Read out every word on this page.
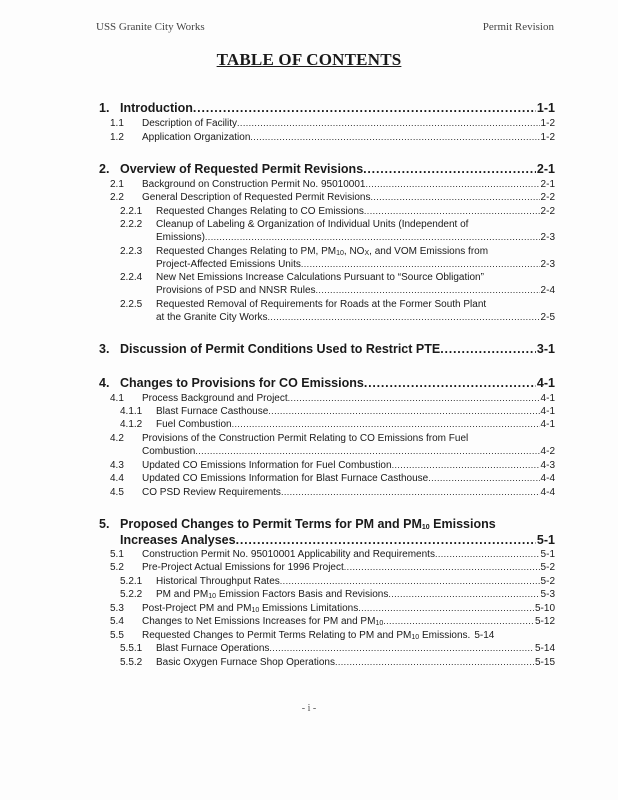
USS Granite City Works	Permit Revision
TABLE OF CONTENTS
1. Introduction .....	1-1
1.1	Description of Facility .....	1-2
1.2	Application Organization .....	1-2
2. Overview of Requested Permit Revisions .....	2-1
2.1	Background on Construction Permit No. 95010001 .....	2-1
2.2	General Description of Requested Permit Revisions .....	2-2
2.2.1	Requested Changes Relating to CO Emissions .....	2-2
2.2.2 Cleanup of Labeling & Organization of Individual Units (Independent of
Emissions) .....	2-3
2.2.3 Requested Changes Relating to PM, $PM_{10}$, $NO_X$, and VOM Emissions from
Project-Affected Emissions Units .....	2-3
2.2.4 New Net Emissions Increase Calculations Pursuant to “Source Obligation”
Provisions of PSD and NNSR Rules .....	2-4
2.2.5 Requested Removal of Requirements for Roads at the Former South Plant
at the Granite City Works .....	2-5
3. Discussion of Permit Conditions Used to Restrict PTE .....	3-1
4. Changes to Provisions for CO Emissions .....	4-1
4.1	Process Background and Project .....	4-1
4.1.1	Blast Furnace Casthouse .....	4-1
4.1.2	Fuel Combustion .....	4-1
4.2 Provisions of the Construction Permit Relating to CO Emissions from Fuel
Combustion .....	4-2
4.3	Updated CO Emissions Information for Fuel Combustion .....	4-3
4.4	Updated CO Emissions Information for Blast Furnace Casthouse .....	4-4
4.5	CO PSD Review Requirements .....	4-4
5. Proposed Changes to Permit Terms for PM and $PM_{10}$ Emissions
Increases Analyses .....	5-1
5.1	Construction Permit No. 95010001 Applicability and Requirements .....	5-1
5.2	Pre-Project Actual Emissions for 1996 Project .....	5-2
5.2.1	Historical Throughput Rates .....	5-2
5.2.2	PM and $PM_{10}$ Emission Factors Basis and Revisions .....	5-3
5.3	Post-Project PM and $PM_{10}$ Emissions Limitations .....	5-10
5.4	Changes to Net Emissions Increases for PM and $PM_{10}$ .....	5-12
5.5	Requested Changes to Permit Terms Relating to PM and $PM_{10}$ Emissions. 5-14
5.5.1	Blast Furnace Operations .....	5-14
5.5.2	Basic Oxygen Furnace Shop Operations .....	5-15
- i -
